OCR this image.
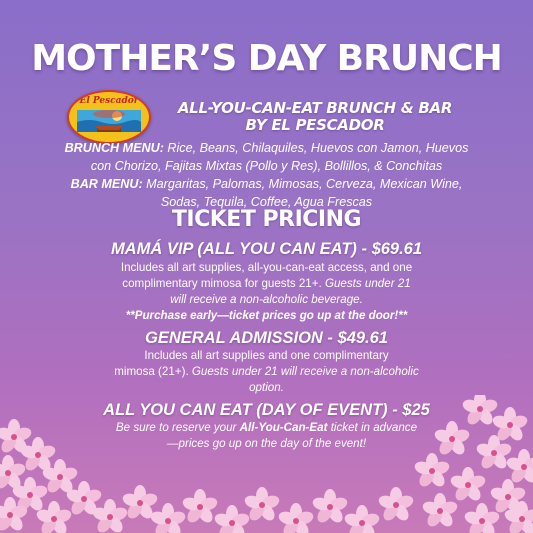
MOTHER’S DAY BRUNCH
El Pescador	ALL-YOU-CAN-EAT BRUNCH & BAR
BY EL PESCADOR
BRUNCH MENU: Rice, Beans, Chilaquiles, Huevos con Jamon, Huevos
con Chorizo, Fajitas Mixtas (Pollo y Res), Bollillos, & Conchitas
BAR MENU: Margaritas, Palomas, Mimosas, Cerveza, Mexican Wine,
Sodas, Tequila, Coffee, Agua Frescas
TICKET PRICING
MAMÁ VIP (ALL YOU CAN EAT) - $69.61
Includes all art supplies, all-you-can-eat access, and one
complimentary mimosa for guests 21+. Guests under 21
will receive a non-alcoholic beverage.
**Purchase early—ticket prices go up at the door!**
GENERAL ADMISSION - $49.61
Includes all art supplies and one complimentary
mimosa (21+). Guests under 21 will receive a non-alcoholic
option.
ALL YOU CAN EAT (DAY OF EVENT) - $25
Be sure to reserve your All-You-Can-Eat ticket in advance
—prices go up on the day of the event!
